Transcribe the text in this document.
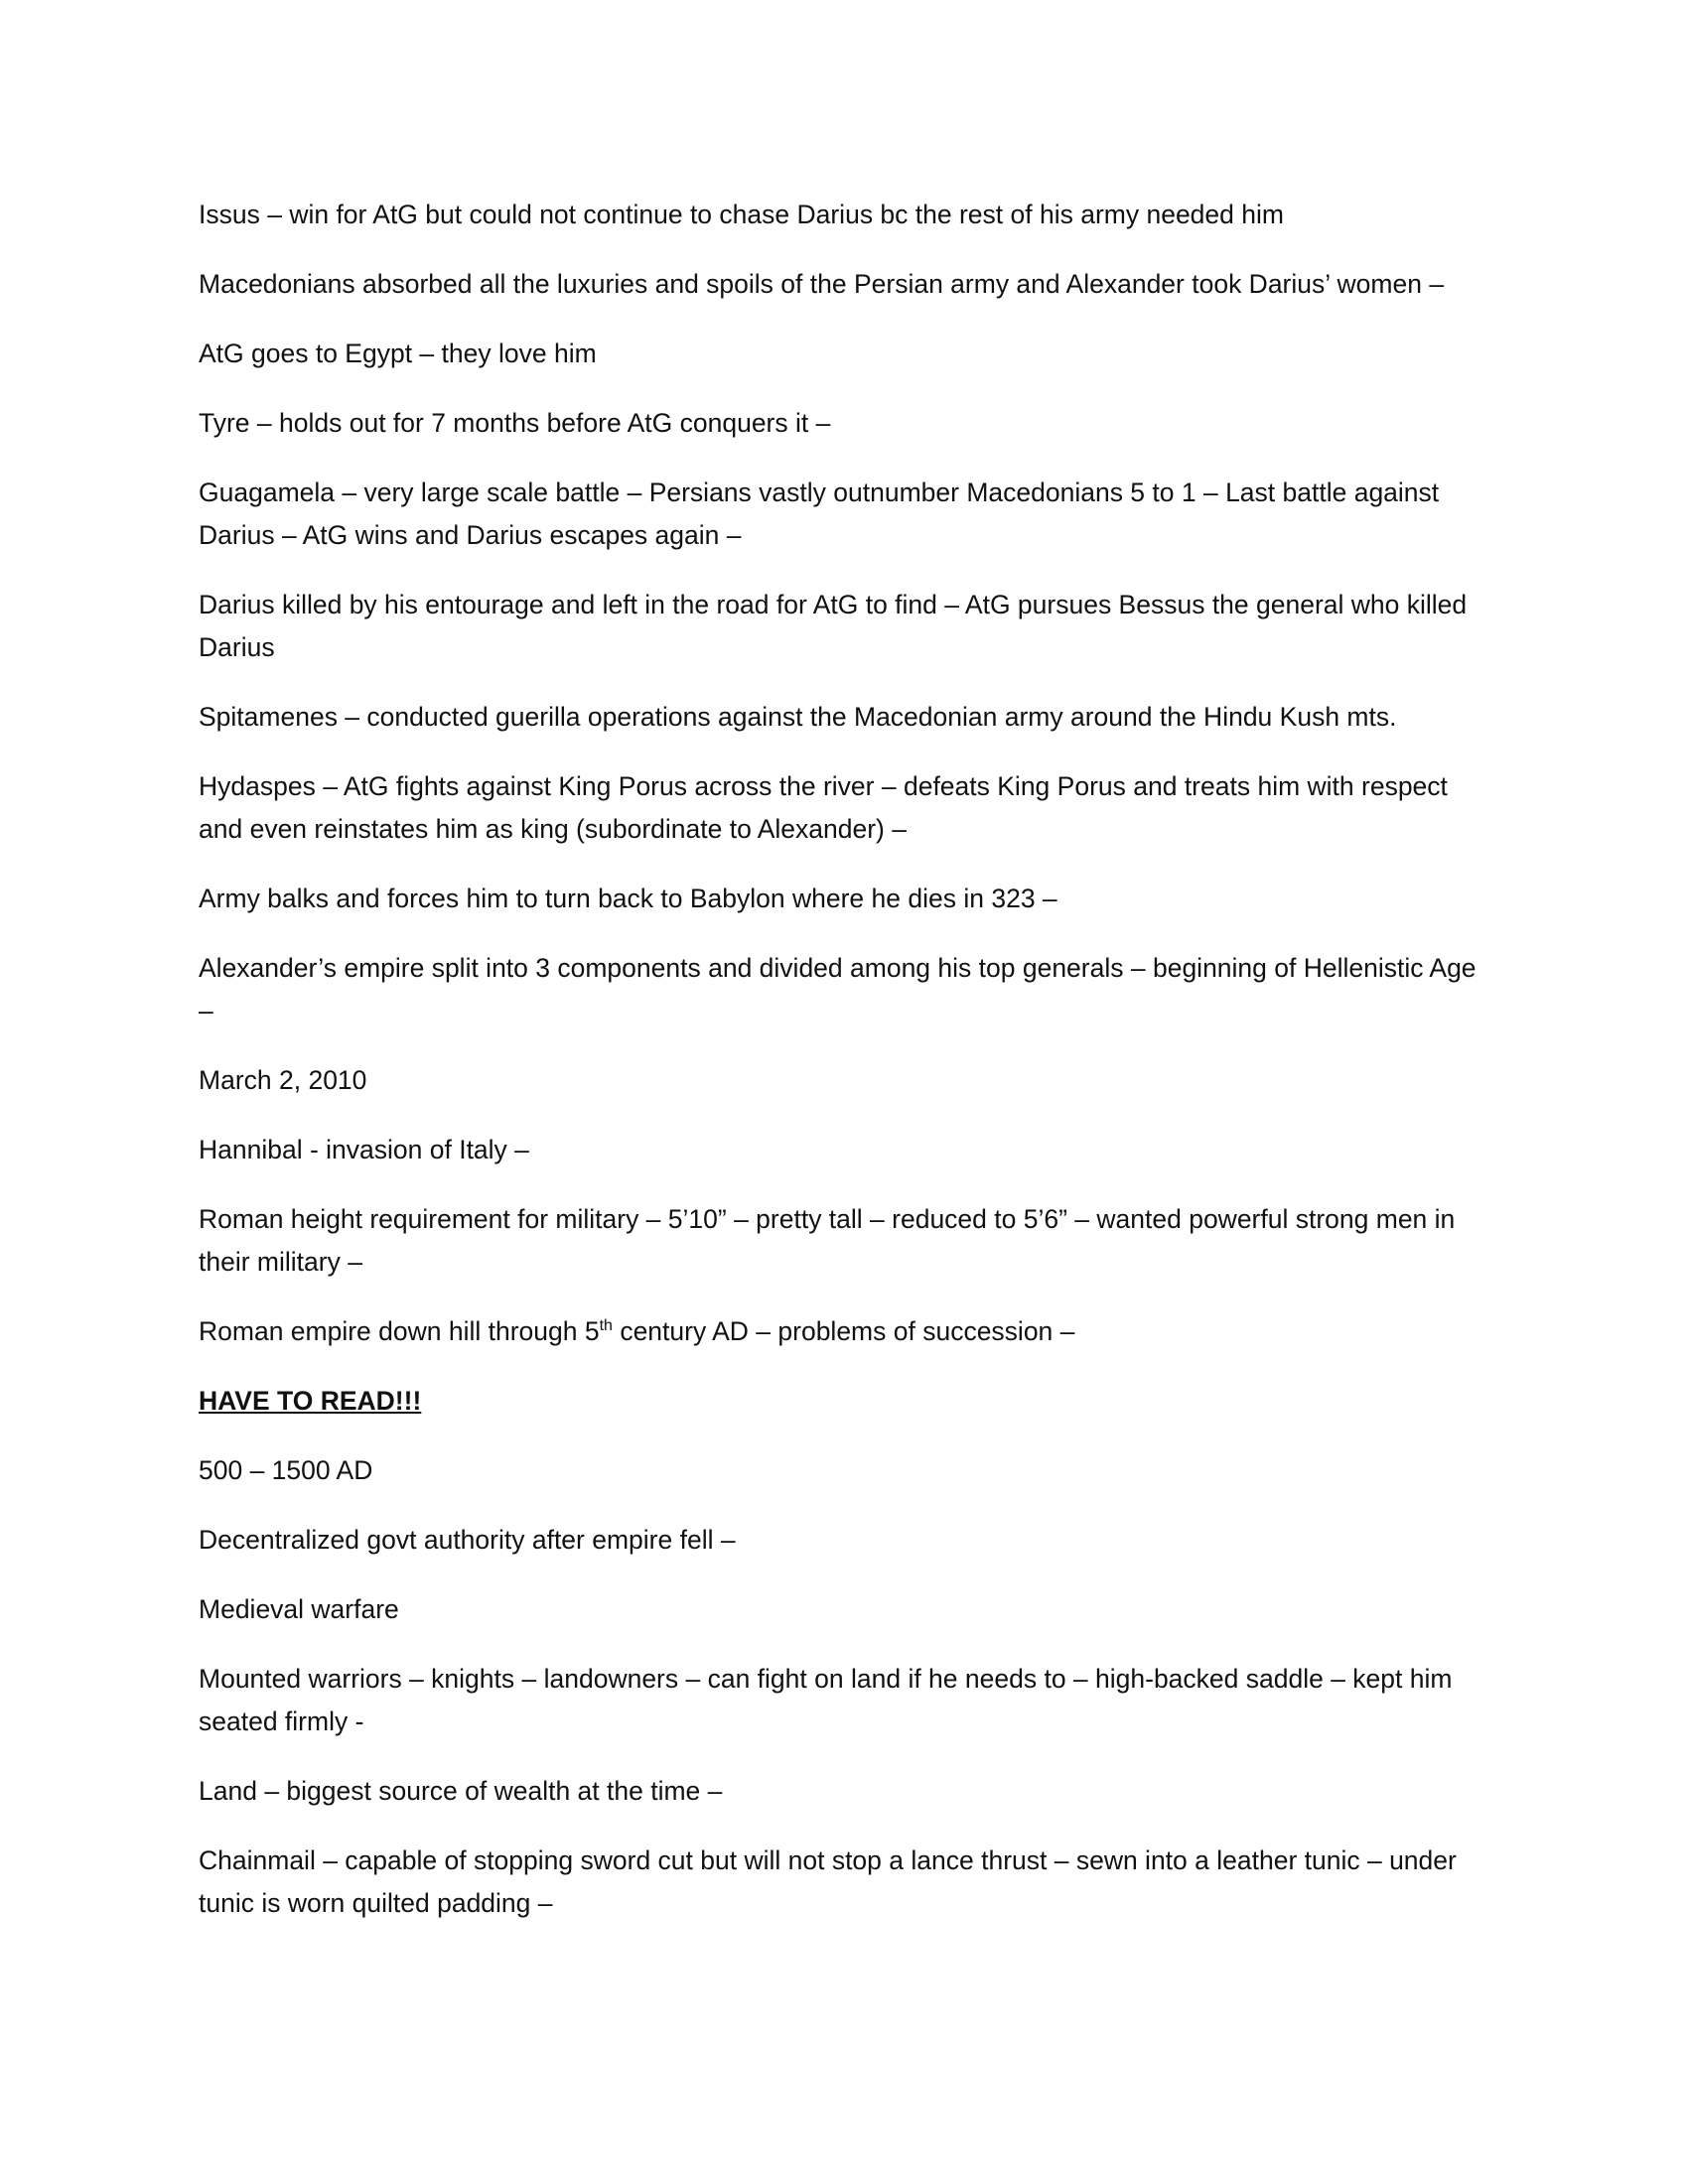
Issus – win for AtG but could not continue to chase Darius bc the rest of his army needed him

Macedonians absorbed all the luxuries and spoils of the Persian army and Alexander took Darius’ women –

AtG goes to Egypt – they love him

Tyre – holds out for 7 months before AtG conquers it –

Guagamela – very large scale battle – Persians vastly outnumber Macedonians 5 to 1 – Last battle against Darius – AtG wins and Darius escapes again –

Darius killed by his entourage and left in the road for AtG to find – AtG pursues Bessus the general who killed Darius

Spitamenes – conducted guerilla operations against the Macedonian army around the Hindu Kush mts.

Hydaspes – AtG fights against King Porus across the river – defeats King Porus and treats him with respect and even reinstates him as king (subordinate to Alexander) –

Army balks and forces him to turn back to Babylon where he dies in 323 –

Alexander’s empire split into 3 components and divided among his top generals – beginning of Hellenistic Age –

March 2, 2010

Hannibal - invasion of Italy –

Roman height requirement for military – 5’10” – pretty tall – reduced to 5’6” – wanted powerful strong men in their military –

Roman empire down hill through 5th century AD – problems of succession –

HAVE TO READ!!!

500 – 1500 AD

Decentralized govt authority after empire fell –

Medieval warfare

Mounted warriors – knights – landowners – can fight on land if he needs to – high-backed saddle – kept him seated firmly -

Land – biggest source of wealth at the time –

Chainmail – capable of stopping sword cut but will not stop a lance thrust – sewn into a leather tunic – under tunic is worn quilted padding –
